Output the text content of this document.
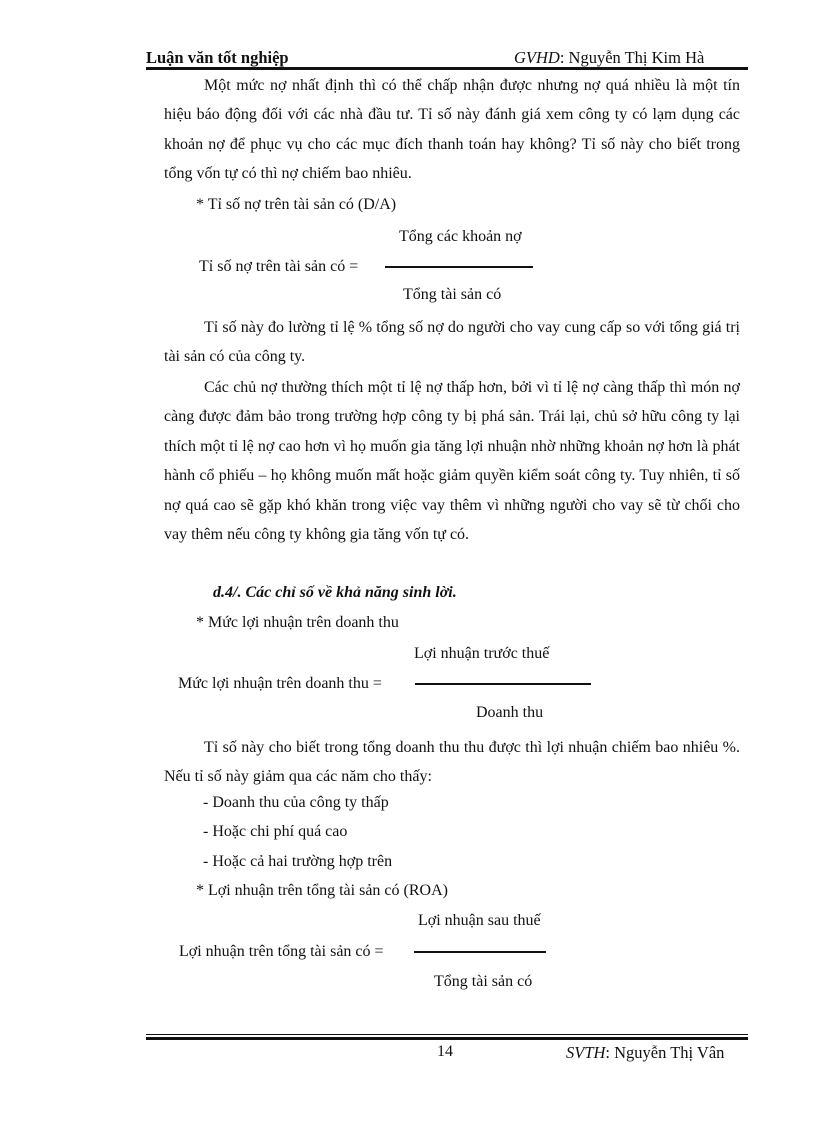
Luận văn tốt nghiệp	GVHD: Nguyễn Thị Kim Hà

Một mức nợ nhất định thì có thể chấp nhận được nhưng nợ quá nhiều là một tín hiệu báo động đối với các nhà đầu tư. Tỉ số này đánh giá xem công ty có lạm dụng các khoản nợ để phục vụ cho các mục đích thanh toán hay không? Tỉ số này cho biết trong tổng vốn tự có thì nợ chiếm bao nhiêu.

* Tỉ số nợ trên tài sản có (D/A)
Tổng các khoản nợ
Tỉ số nợ trên tài sản có =
Tổng tài sản có

Tỉ số này đo lường tỉ lệ % tổng số nợ do người cho vay cung cấp so với tổng giá trị tài sản có của công ty.

Các chủ nợ thường thích một tỉ lệ nợ thấp hơn, bởi vì tỉ lệ nợ càng thấp thì món nợ càng được đảm bảo trong trường hợp công ty bị phá sản. Trái lại, chủ sở hữu công ty lại thích một tỉ lệ nợ cao hơn vì họ muốn gia tăng lợi nhuận nhờ những khoản nợ hơn là phát hành cổ phiếu – họ không muốn mất hoặc giảm quyền kiểm soát công ty. Tuy nhiên, tỉ số nợ quá cao sẽ gặp khó khăn trong việc vay thêm vì những người cho vay sẽ từ chối cho vay thêm nếu công ty không gia tăng vốn tự có.

d.4/. Các chỉ số về khả năng sinh lời.
* Mức lợi nhuận trên doanh thu
Lợi nhuận trước thuế
Mức lợi nhuận trên doanh thu =
Doanh thu

Tỉ số này cho biết trong tổng doanh thu thu được thì lợi nhuận chiếm bao nhiêu %. Nếu tỉ số này giảm qua các năm cho thấy:

- Doanh thu của công ty thấp
- Hoặc chi phí quá cao
- Hoặc cả hai trường hợp trên
* Lợi nhuận trên tổng tài sản có (ROA)
Lợi nhuận sau thuế
Lợi nhuận trên tổng tài sản có =
Tổng tài sản có
14	SVTH: Nguyễn Thị Vân
